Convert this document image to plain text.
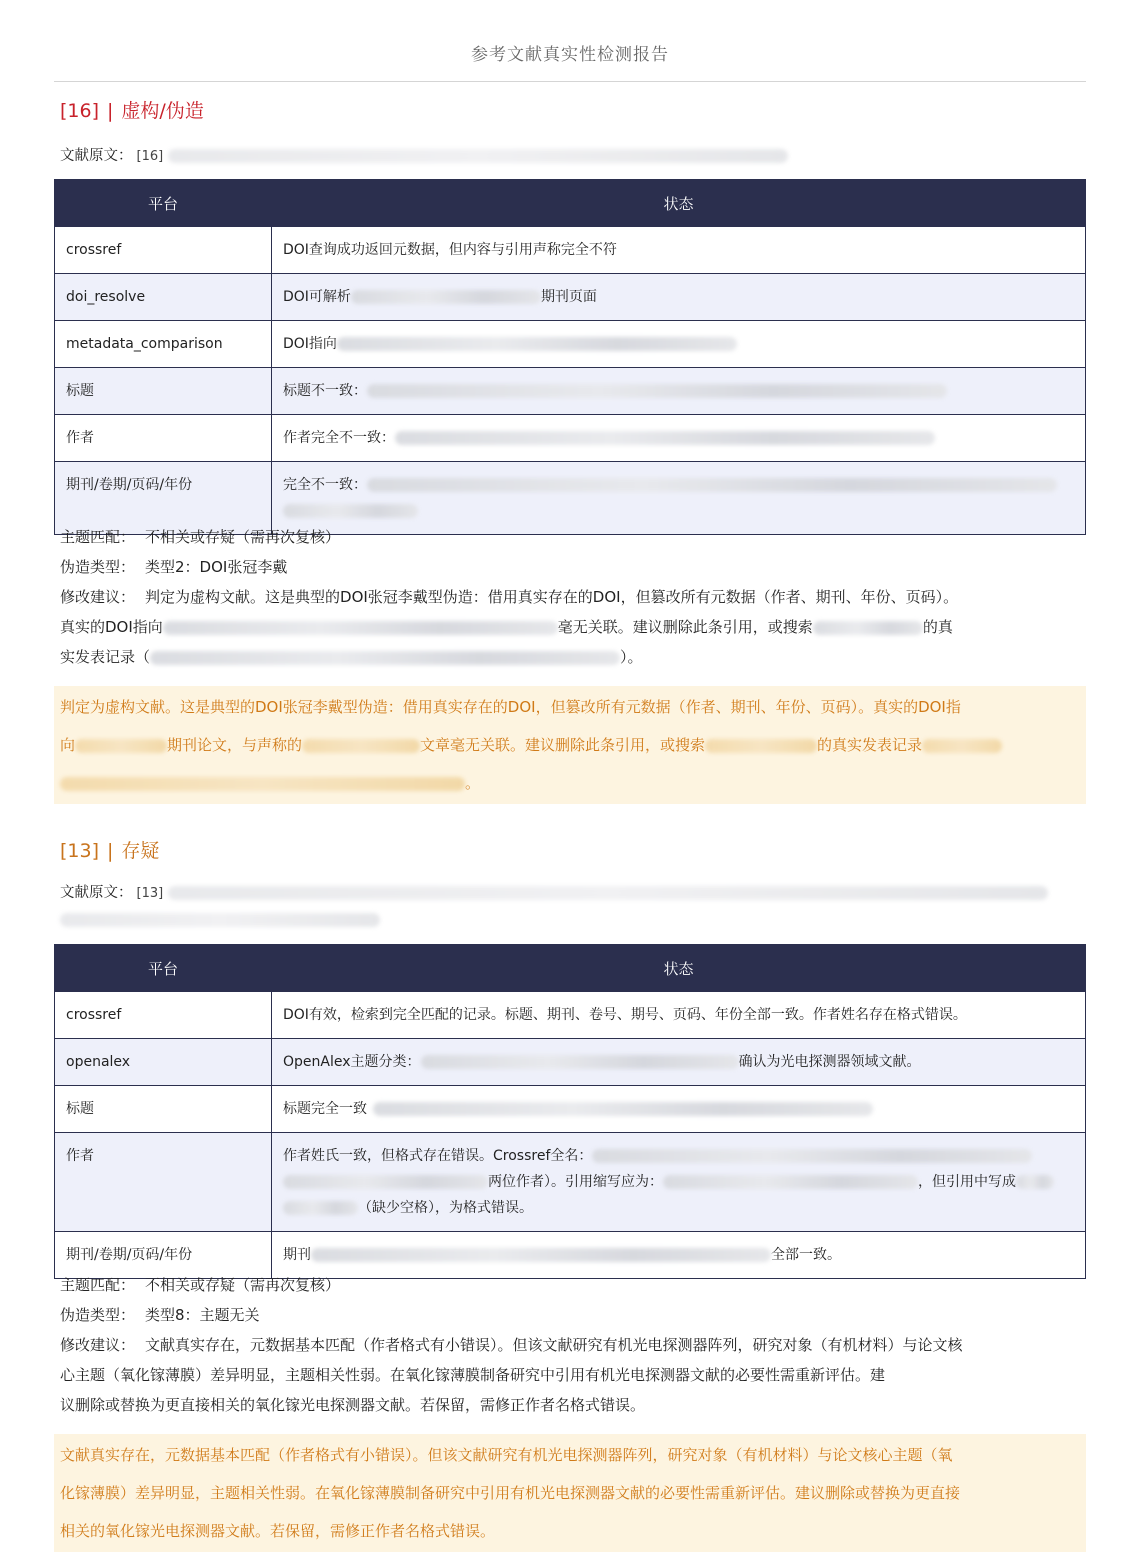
参考文献真实性检测报告
[16] | 虚构/伪造
文献原文： [16]
平台	状态
crossref	DOI查询成功返回元数据，但内容与引用声称完全不符
doi_resolve	DOI可解析 期刊页面
metadata_comparison	DOI指向
标题	标题不一致：
作者	作者完全不一致：
期刊/卷期/页码/年份	完全不一致：

主题匹配： 不相关或存疑（需再次复核）
伪造类型： 类型2：DOI张冠李戴
修改建议： 判定为虚构文献。这是典型的DOI张冠李戴型伪造：借用真实存在的DOI，但篡改所有元数据（作者、期刊、年份、页码）。
真实的DOI指向	毫无关联。建议删除此条引用，或搜索	的真
实发表记录（	）。
判定为虚构文献。这是典型的DOI张冠李戴型伪造：借用真实存在的DOI，但篡改所有元数据（作者、期刊、年份、页码）。真实的DOI指
向	期刊论文，与声称的	文章毫无关联。建议删除此条引用，或搜索	的真实发表记录
。
[13] | 存疑
文献原文： [13]

平台	状态
crossref	DOI有效，检索到完全匹配的记录。标题、期刊、卷号、期号、页码、年份全部一致。作者姓名存在格式错误。
openalex	OpenAlex主题分类： 确认为光电探测器领域文献。
标题	标题完全一致
作者	作者姓氏一致，但格式存在错误。Crossref全名：
两位作者）。引用缩写应为： ，但引用中写成
（缺少空格），为格式错误。
期刊/卷期/页码/年份	期刊 全部一致。
主题匹配： 不相关或存疑（需再次复核）
伪造类型： 类型8：主题无关
修改建议： 文献真实存在，元数据基本匹配（作者格式有小错误）。但该文献研究有机光电探测器阵列，研究对象（有机材料）与论文核
心主题（氧化镓薄膜）差异明显，主题相关性弱。在氧化镓薄膜制备研究中引用有机光电探测器文献的必要性需重新评估。建
议删除或替换为更直接相关的氧化镓光电探测器文献。若保留，需修正作者名格式错误。
文献真实存在，元数据基本匹配（作者格式有小错误）。但该文献研究有机光电探测器阵列，研究对象（有机材料）与论文核心主题（氧
化镓薄膜）差异明显，主题相关性弱。在氧化镓薄膜制备研究中引用有机光电探测器文献的必要性需重新评估。建议删除或替换为更直接
相关的氧化镓光电探测器文献。若保留，需修正作者名格式错误。
